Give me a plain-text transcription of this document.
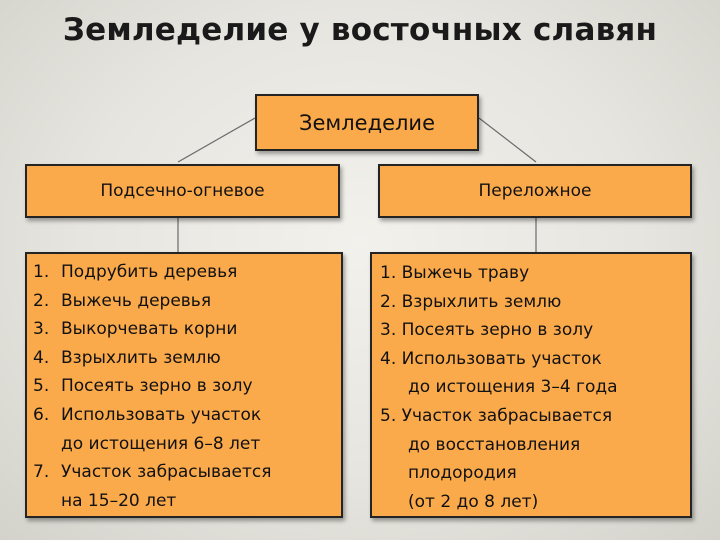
Земледелие у восточных славян
Земледелие
Подсечно-огневое	Переложное
1. Подрубить деревья
2. Выжечь деревья
3. Выкорчевать корни
4. Взрыхлить землю
5. Посеять зерно в золу
6. Использовать участок
до истощения 6–8 лет
7. Участок забрасывается
на 15–20 лет
1. Выжечь траву
2. Взрыхлить землю
3. Посеять зерно в золу
4. Использовать участок
до истощения 3–4 года
5. Участок забрасывается
до восстановления
плодородия
(от 2 до 8 лет)
